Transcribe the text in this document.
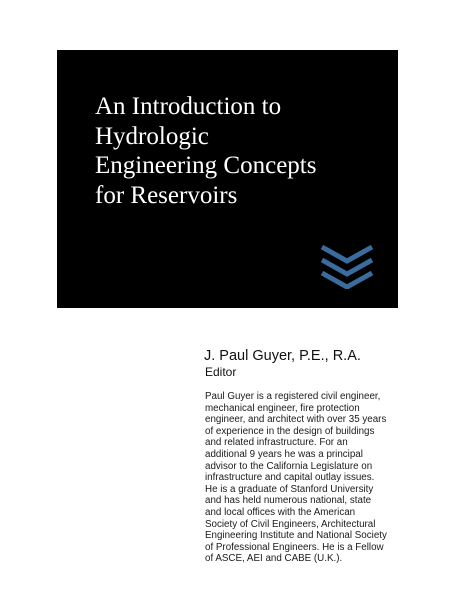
An Introduction to
Hydrologic
Engineering Concepts
for Reservoirs

J. Paul Guyer, P.E., R.A.

Editor

Paul Guyer is a registered civil engineer,
mechanical engineer, fire protection
engineer, and architect with over 35 years
of experience in the design of buildings
and related infrastructure. For an
additional 9 years he was a principal
advisor to the California Legislature on
infrastructure and capital outlay issues.
He is a graduate of Stanford University
and has held numerous national, state
and local offices with the American
Society of Civil Engineers, Architectural
Engineering Institute and National Society
of Professional Engineers. He is a Fellow
of ASCE, AEI and CABE (U.K.).
